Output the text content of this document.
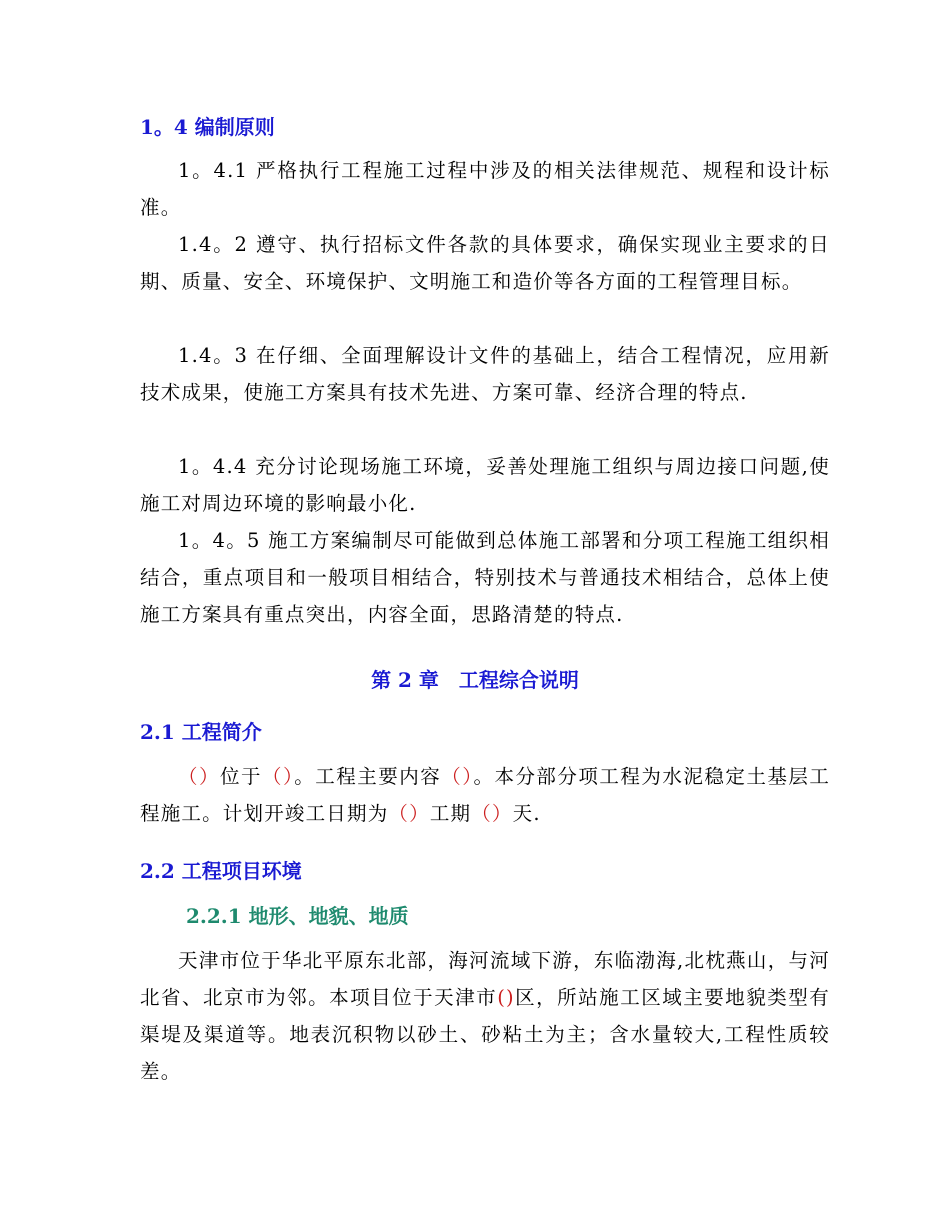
1。4 编制原则
1。4.1 严格执行工程施工过程中涉及的相关法律规范、规程和设计标准。
1.4。2 遵守、执行招标文件各款的具体要求，确保实现业主要求的日期、质量、安全、环境保护、文明施工和造价等各方面的工程管理目标。
1.4。3 在仔细、全面理解设计文件的基础上，结合工程情况，应用新技术成果，使施工方案具有技术先进、方案可靠、经济合理的特点.
1。4.4 充分讨论现场施工环境，妥善处理施工组织与周边接口问题,使施工对周边环境的影响最小化.
1。4。5 施工方案编制尽可能做到总体施工部署和分项工程施工组织相结合，重点项目和一般项目相结合，特别技术与普通技术相结合，总体上使施工方案具有重点突出，内容全面，思路清楚的特点.
第 2 章　工程综合说明
2.1 工程简介
（）位于（）。工程主要内容（）。本分部分项工程为水泥稳定土基层工程施工。计划开竣工日期为（）工期（）天.
2.2 工程项目环境
2.2.1 地形、地貌、地质
天津市位于华北平原东北部，海河流域下游，东临渤海,北枕燕山，与河北省、北京市为邻。本项目位于天津市()区，所站施工区域主要地貌类型有渠堤及渠道等。地表沉积物以砂土、砂粘土为主；含水量较大,工程性质较差。
